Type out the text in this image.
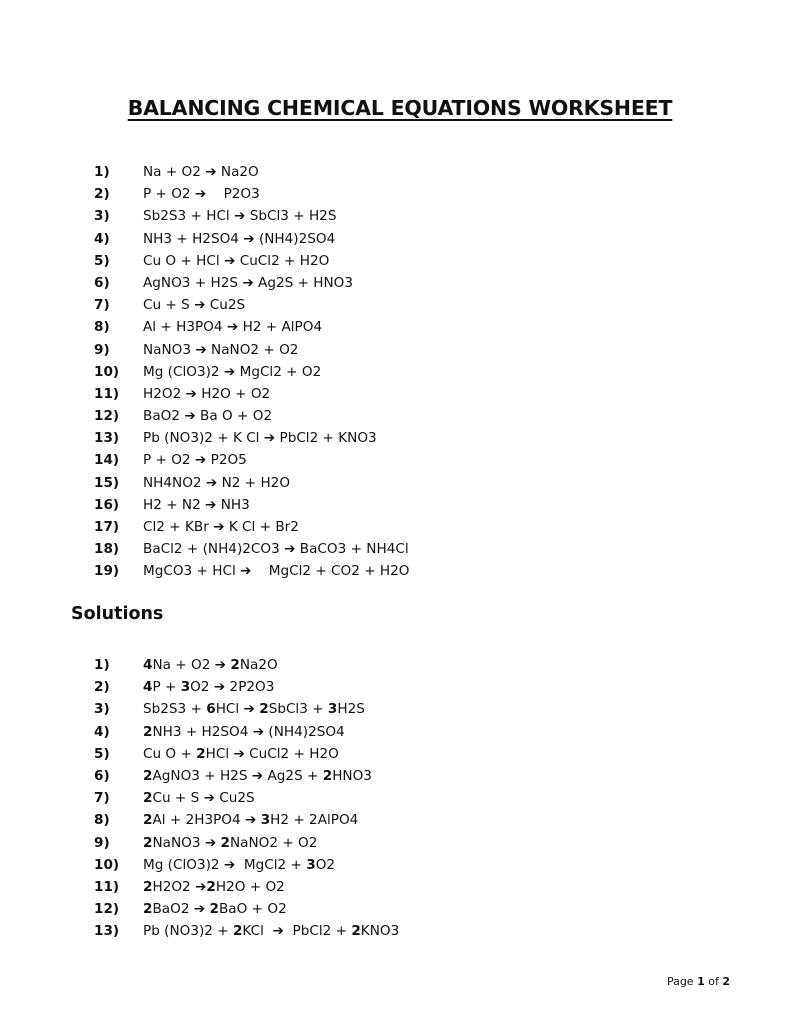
BALANCING CHEMICAL EQUATIONS WORKSHEET
1) Na + O2 ➔ Na2O
2) P + O2 ➔    P2O3
3) Sb2S3 + HCl ➔ SbCl3 + H2S
4) NH3 + H2SO4 ➔ (NH4)2SO4
5) Cu O + HCl ➔ CuCl2 + H2O
6) AgNO3 + H2S ➔ Ag2S + HNO3
7) Cu + S ➔ Cu2S
8) Al + H3PO4 ➔ H2 + AlPO4
9) NaNO3 ➔ NaNO2 + O2
10) Mg (ClO3)2 ➔ MgCl2 + O2
11) H2O2 ➔ H2O + O2
12) BaO2 ➔ Ba O + O2
13) Pb (NO3)2 + K Cl ➔ PbCl2 + KNO3
14) P + O2 ➔ P2O5
15) NH4NO2 ➔ N2 + H2O
16) H2 + N2 ➔ NH3
17) Cl2 + KBr ➔ K Cl + Br2
18) BaCl2 + (NH4)2CO3 ➔ BaCO3 + NH4Cl
19) MgCO3 + HCl ➔    MgCl2 + CO2 + H2O
Solutions
1) 4Na + O2 ➔ 2Na2O
2) 4P + 3O2 ➔ 2P2O3
3) Sb2S3 + 6HCl ➔ 2SbCl3 + 3H2S
4) 2NH3 + H2SO4 ➔ (NH4)2SO4
5) Cu O + 2HCl ➔ CuCl2 + H2O
6) 2AgNO3 + H2S ➔ Ag2S + 2HNO3
7) 2Cu + S ➔ Cu2S
8) 2Al + 2H3PO4 ➔ 3H2 + 2AlPO4
9) 2NaNO3 ➔ 2NaNO2 + O2
10) Mg (ClO3)2 ➔  MgCl2 + 3O2
11) 2H2O2 ➔2H2O + O2
12) 2BaO2 ➔ 2BaO + O2
13) Pb (NO3)2 + 2KCl  ➔  PbCl2 + 2KNO3
Page 1 of 2
